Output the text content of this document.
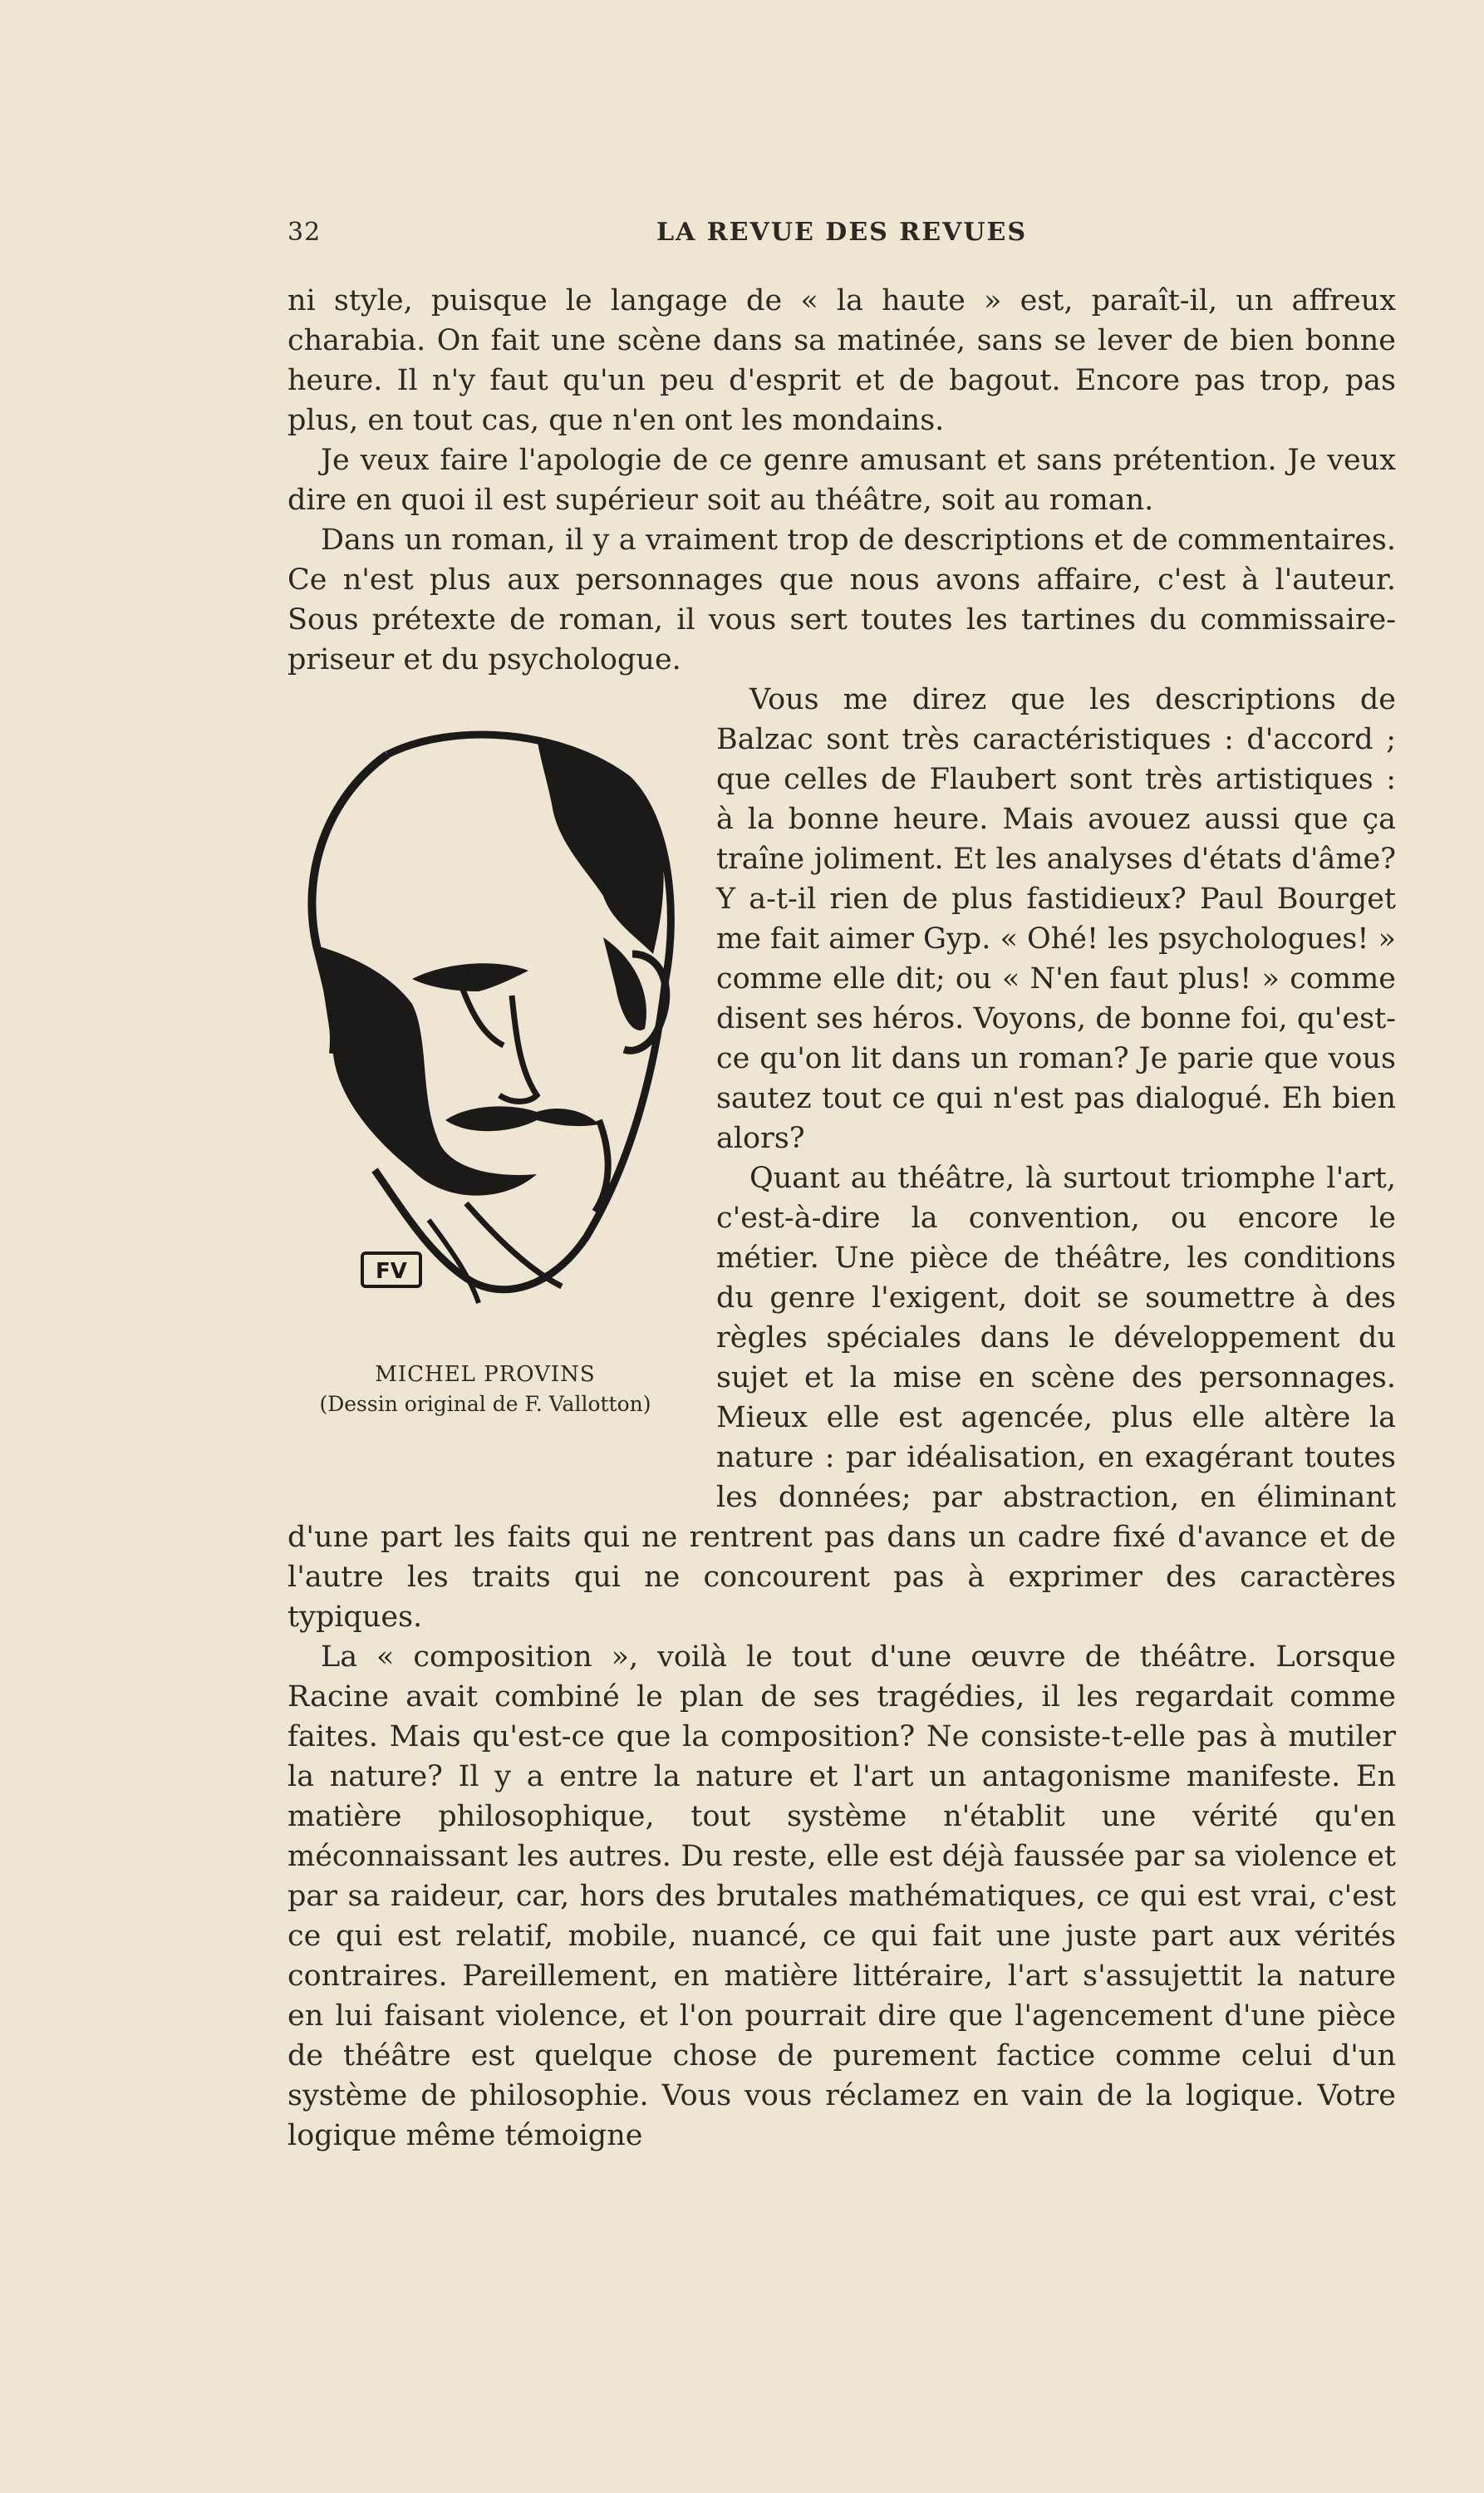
32	LA REVUE DES REVUES

ni style, puisque le langage de « la haute » est, paraît-il, un affreux charabia. On fait une scène dans sa matinée, sans se lever de bien bonne heure. Il n'y faut qu'un peu d'esprit et de bagout. Encore pas trop, pas plus, en tout cas, que n'en ont les mondains.

Je veux faire l'apologie de ce genre amusant et sans prétention. Je veux dire en quoi il est supérieur soit au théâtre, soit au roman.

Dans un roman, il y a vraiment trop de descriptions et de commentaires. Ce n'est plus aux personnages que nous avons affaire, c'est à l'auteur. Sous prétexte de roman, il vous sert toutes les tartines du commissaire-priseur et du psychologue.

FV
MICHEL PROVINS
(Dessin original de F. Vallotton)

Vous me direz que les descriptions de Balzac sont très caractéristiques : d'accord ; que celles de Flaubert sont très artistiques : à la bonne heure. Mais avouez aussi que ça traîne joliment. Et les analyses d'états d'âme? Y a-t-il rien de plus fastidieux? Paul Bourget me fait aimer Gyp. « Ohé! les psychologues! » comme elle dit; ou « N'en faut plus! » comme disent ses héros. Voyons, de bonne foi, qu'est-ce qu'on lit dans un roman? Je parie que vous sautez tout ce qui n'est pas dialogué. Eh bien alors?

Quant au théâtre, là surtout triomphe l'art, c'est-à-dire la convention, ou encore le métier. Une pièce de théâtre, les conditions du genre l'exigent, doit se soumettre à des règles spéciales dans le développement du sujet et la mise en scène des personnages. Mieux elle est agencée, plus elle altère la nature : par idéalisation, en exagérant toutes les données; par abstraction, en éliminant d'une part les faits qui ne rentrent pas dans un cadre fixé d'avance et de l'autre les traits qui ne concourent pas à exprimer des caractères typiques.

La « composition », voilà le tout d'une œuvre de théâtre. Lorsque Racine avait combiné le plan de ses tragédies, il les regardait comme faites. Mais qu'est-ce que la composition? Ne consiste-t-elle pas à mutiler la nature? Il y a entre la nature et l'art un antagonisme manifeste. En matière philosophique, tout système n'établit une vérité qu'en méconnaissant les autres. Du reste, elle est déjà faussée par sa violence et par sa raideur, car, hors des brutales mathématiques, ce qui est vrai, c'est ce qui est relatif, mobile, nuancé, ce qui fait une juste part aux vérités contraires. Pareillement, en matière littéraire, l'art s'assujettit la nature en lui faisant violence, et l'on pourrait dire que l'agencement d'une pièce de théâtre est quelque chose de purement factice comme celui d'un système de philosophie. Vous vous réclamez en vain de la logique. Votre logique même témoigne
